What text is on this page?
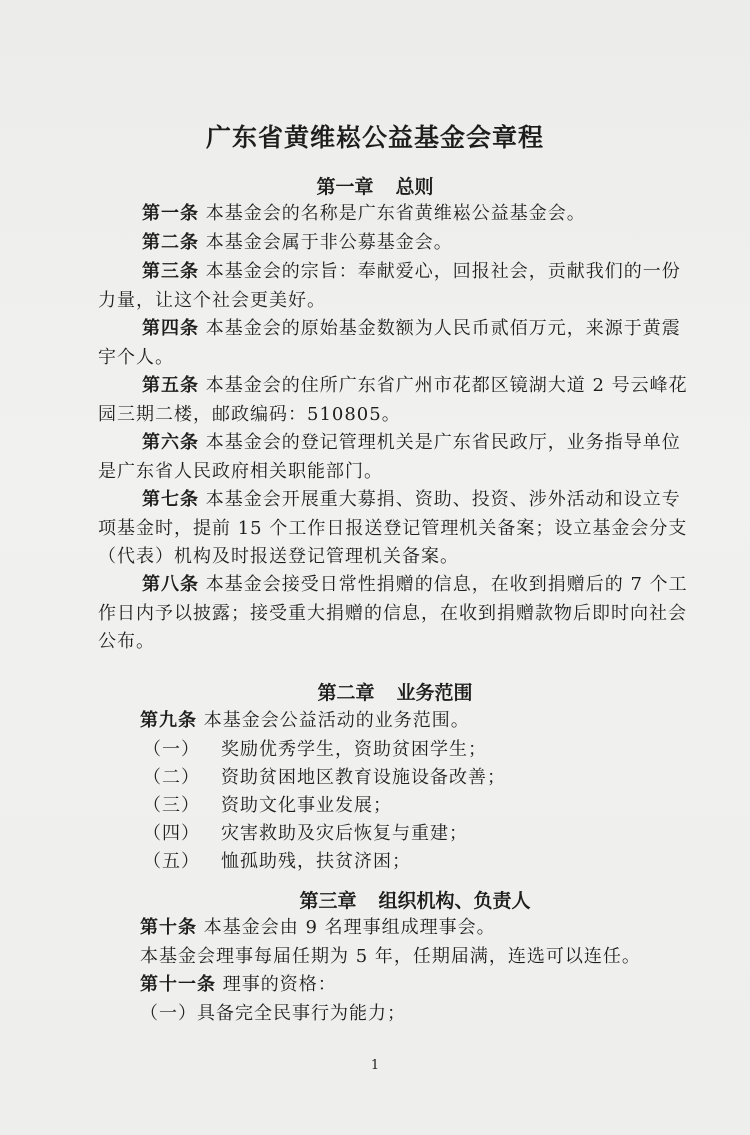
广东省黄维崧公益基金会章程
第一章 总则
第一条 本基金会的名称是广东省黄维崧公益基金会。
第二条 本基金会属于非公募基金会。
第三条 本基金会的宗旨：奉献爱心，回报社会，贡献我们的一份力量，让这个社会更美好。
第四条 本基金会的原始基金数额为人民币贰佰万元，来源于黄震宇个人。
第五条 本基金会的住所广东省广州市花都区镜湖大道 2 号云峰花园三期二楼，邮政编码：510805。
第六条 本基金会的登记管理机关是广东省民政厅，业务指导单位是广东省人民政府相关职能部门。
第七条 本基金会开展重大募捐、资助、投资、涉外活动和设立专项基金时，提前 15 个工作日报送登记管理机关备案；设立基金会分支（代表）机构及时报送登记管理机关备案。
第八条 本基金会接受日常性捐赠的信息，在收到捐赠后的 7 个工作日内予以披露；接受重大捐赠的信息，在收到捐赠款物后即时向社会公布。
第二章 业务范围
第九条 本基金会公益活动的业务范围。
（一） 奖励优秀学生，资助贫困学生；
（二） 资助贫困地区教育设施设备改善；
（三） 资助文化事业发展；
（四） 灾害救助及灾后恢复与重建；
（五） 恤孤助残，扶贫济困；
第三章 组织机构、负责人
第十条 本基金会由 9 名理事组成理事会。
本基金会理事每届任期为 5 年，任期届满，连选可以连任。
第十一条 理事的资格：
（一）具备完全民事行为能力；
1
